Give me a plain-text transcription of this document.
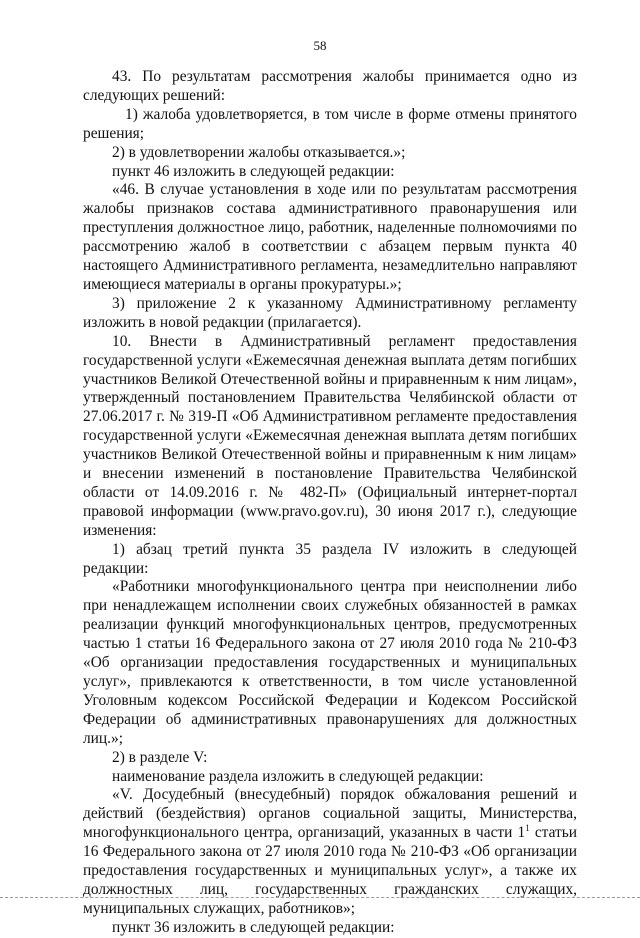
58

43. По результатам рассмотрения жалобы принимается одно из следующих решений:

1) жалоба удовлетворяется, в том числе в форме отмены принятого решения;

2) в удовлетворении жалобы отказывается.»;

пункт 46 изложить в следующей редакции:

«46. В случае установления в ходе или по результатам рассмотрения жалобы признаков состава административного правонарушения или преступления должностное лицо, работник, наделенные полномочиями по рассмотрению жалоб в соответствии с абзацем первым пункта 40 настоящего Административного регламента, незамедлительно направляют имеющиеся материалы в органы прокуратуры.»;

3) приложение 2 к указанному Административному регламенту изложить в новой редакции (прилагается).

10. Внести в Административный регламент предоставления государственной услуги «Ежемесячная денежная выплата детям погибших участников Великой Отечественной войны и приравненным к ним лицам», утвержденный постановлением Правительства Челябинской области от 27.06.2017 г. № 319-П «Об Административном регламенте предоставления государственной услуги «Ежемесячная денежная выплата детям погибших участников Великой Отечественной войны и приравненным к ним лицам» и внесении изменений в постановление Правительства Челябинской области от 14.09.2016 г. № 482-П» (Официальный интернет-портал правовой информации (www.pravo.gov.ru), 30 июня 2017 г.), следующие изменения:

1) абзац третий пункта 35 раздела IV изложить в следующей редакции:

«Работники многофункционального центра при неисполнении либо при ненадлежащем исполнении своих служебных обязанностей в рамках реализации функций многофункциональных центров, предусмотренных частью 1 статьи 16 Федерального закона от 27 июля 2010 года № 210-ФЗ «Об организации предоставления государственных и муниципальных услуг», привлекаются к ответственности, в том числе установленной Уголовным кодексом Российской Федерации и Кодексом Российской Федерации об административных правонарушениях для должностных лиц.»;

2) в разделе V:

наименование раздела изложить в следующей редакции:

«V. Досудебный (внесудебный) порядок обжалования решений и действий (бездействия) органов социальной защиты, Министерства, многофункционального центра, организаций, указанных в части $1^1$ статьи 16 Федерального закона от 27 июля 2010 года № 210-ФЗ «Об организации предоставления государственных и муниципальных услуг», а также их должностных лиц, государственных гражданских служащих, муниципальных служащих, работников»;

пункт 36 изложить в следующей редакции:
